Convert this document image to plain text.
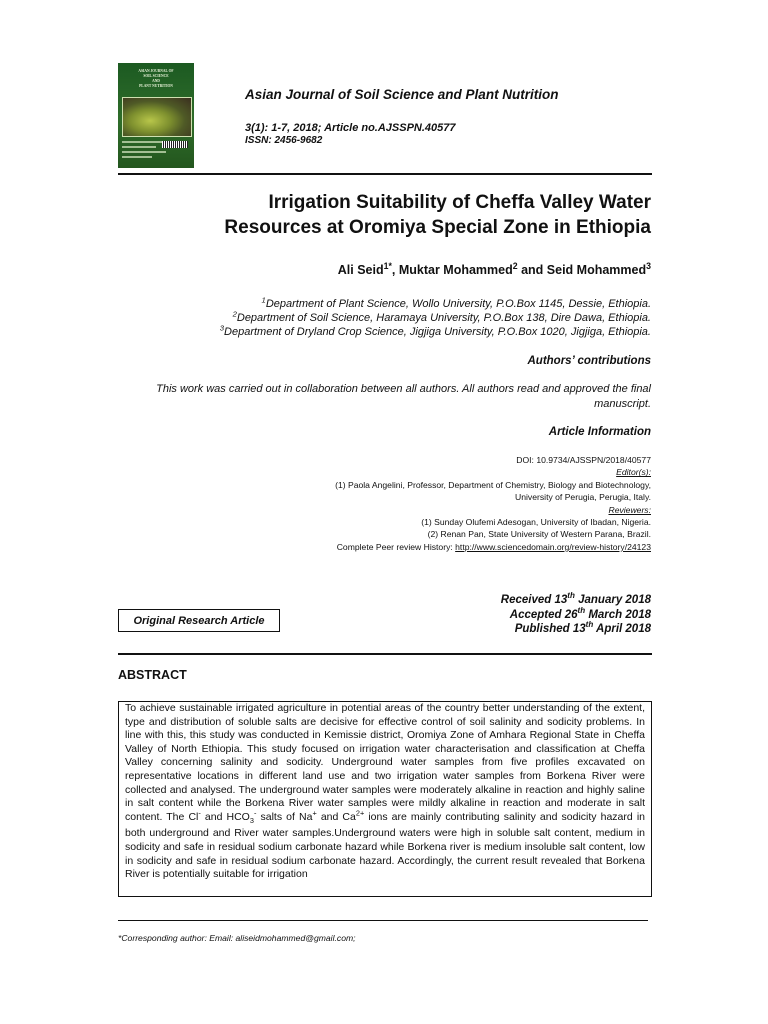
ASIAN JOURNAL OF
SOIL SCIENCE
AND
PLANT NUTRITION
Asian Journal of Soil Science and Plant Nutrition
3(1): 1-7, 2018; Article no.AJSSPN.40577
ISSN: 2456-9682
Irrigation Suitability of Cheffa Valley Water
Resources at Oromiya Special Zone in Ethiopia
Ali Seid$^{1*}$, Muktar Mohammed$^2$ and Seid Mohammed$^3$
$^1$Department of Plant Science, Wollo University, P.O.Box 1145, Dessie, Ethiopia.
$^2$Department of Soil Science, Haramaya University, P.O.Box 138, Dire Dawa, Ethiopia.
$^3$Department of Dryland Crop Science, Jigjiga University, P.O.Box 1020, Jigjiga, Ethiopia.
Authors’ contributions
This work was carried out in collaboration between all authors. All authors read and approved the final manuscript.
Article Information
DOI: 10.9734/AJSSPN/2018/40577
Editor(s):
(1) Paola Angelini, Professor, Department of Chemistry, Biology and Biotechnology,
University of Perugia, Perugia, Italy.
Reviewers:
(1) Sunday Olufemi Adesogan, University of Ibadan, Nigeria.
(2) Renan Pan, State University of Western Parana, Brazil.
Complete Peer review History: http://www.sciencedomain.org/review-history/24123
Original Research Article
Received 13th January 2018
Accepted 26th March 2018
Published 13th April 2018
ABSTRACT

To achieve sustainable irrigated agriculture in potential areas of the country better understanding of the extent, type and distribution of soluble salts are decisive for effective control of soil salinity and sodicity problems. In line with this, this study was conducted in Kemissie district, Oromiya Zone of Amhara Regional State in Cheffa Valley of North Ethiopia. This study focused on irrigation water characterisation and classification at Cheffa Valley concerning salinity and sodicity. Underground water samples from five profiles excavated on representative locations in different land use and two irrigation water samples from Borkena River were collected and analysed. The underground water samples were moderately alkaline in reaction and highly saline in salt content while the Borkena River water samples were mildly alkaline in reaction and moderate in salt content. The Cl- and $HCO_3^-$ salts of Na+ and $Ca^{2+}$ ions are mainly contributing salinity and sodicity hazard in both underground and River water samples.Underground waters were high in soluble salt content, medium in sodicity and safe in residual sodium carbonate hazard while Borkena river is medium insoluble salt content, low in sodicity and safe in residual sodium carbonate hazard. Accordingly, the current result revealed that Borkena River is potentially suitable for irrigation

*Corresponding author: Email: aliseidmohammed@gmail.com;
